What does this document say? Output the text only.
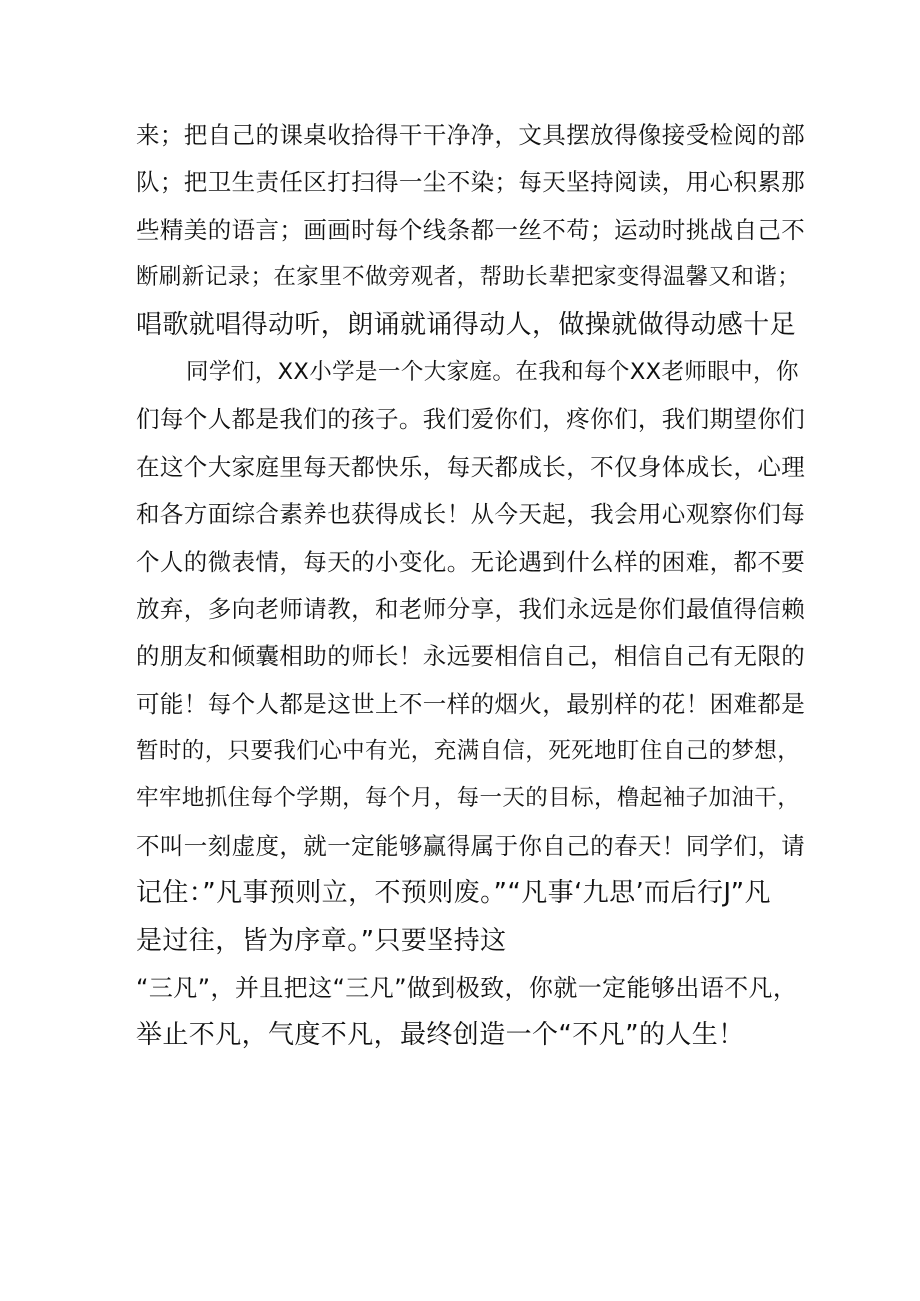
来；把自己的课桌收拾得干干净净，文具摆放得像接受检阅的部
队；把卫生责任区打扫得一尘不染；每天坚持阅读，用心积累那
些精美的语言；画画时每个线条都一丝不苟；运动时挑战自己不
断刷新记录；在家里不做旁观者，帮助长辈把家变得温馨又和谐；
唱歌就唱得动听，朗诵就诵得动人，做操就做得动感十足
同学们，XX小学是一个大家庭。在我和每个XX老师眼中，你
们每个人都是我们的孩子。我们爱你们，疼你们，我们期望你们
在这个大家庭里每天都快乐，每天都成长，不仅身体成长，心理
和各方面综合素养也获得成长！从今天起，我会用心观察你们每
个人的微表情，每天的小变化。无论遇到什么样的困难，都不要
放弃，多向老师请教，和老师分享，我们永远是你们最值得信赖
的朋友和倾囊相助的师长！永远要相信自己，相信自己有无限的
可能！每个人都是这世上不一样的烟火，最别样的花！困难都是
暂时的，只要我们心中有光，充满自信，死死地盯住自己的梦想，
牢牢地抓住每个学期，每个月，每一天的目标，橹起袖子加油干，
不叫一刻虚度，就一定能够赢得属于你自己的春天！同学们，请
记住：”凡事预则立，不预则废。”“凡事‘九思’而后行J”凡
是过往，皆为序章。”只要坚持这
“三凡”，并且把这“三凡”做到极致，你就一定能够出语不凡，
举止不凡，气度不凡，最终创造一个“不凡”的人生！
